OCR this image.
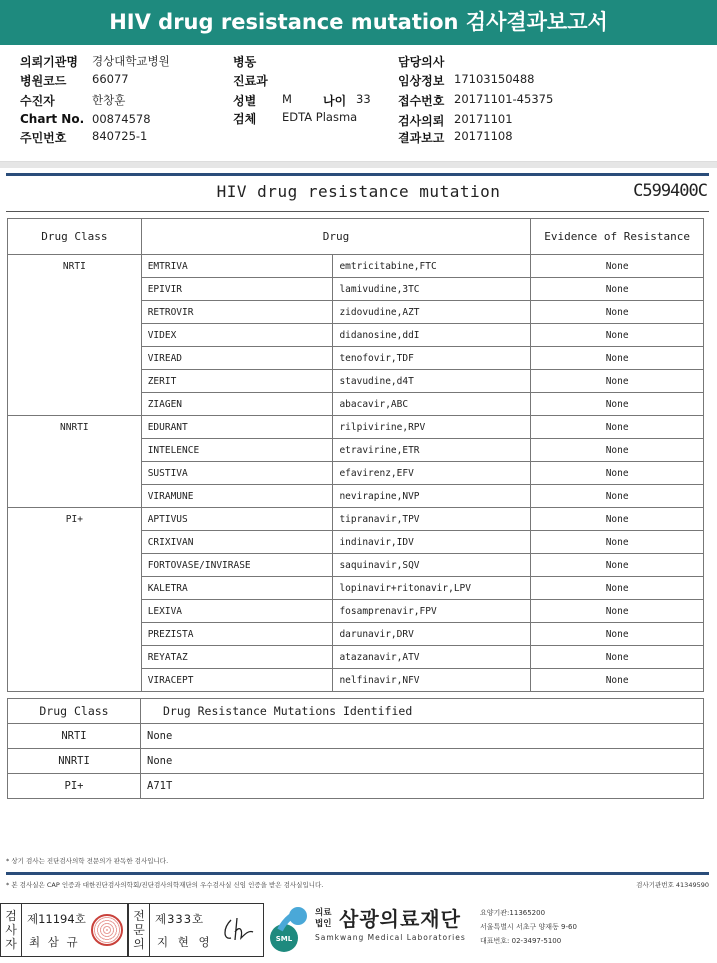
HIV drug resistance mutation 검사결과보고서
의뢰기관명 경상대학교병원
병원코드 66077
수진자	한창훈
Chart No. 00874578
주민번호 840725-1
병동
진료과
성별 M	나이 33
검체 EDTA Plasma
담당의사
임상정보 17103150488
접수번호 20171101-45375
검사의뢰 20171101
결과보고 20171108
HIV drug resistance mutation	C599400C
Drug Class	Drug		Evidence of Resistance
NRTI	EMTRIVA	emtricitabine,FTC	None
	EPIVIR	lamivudine,3TC	None
	RETROVIR	zidovudine,AZT	None
	VIDEX	didanosine,ddI	None
	VIREAD	tenofovir,TDF	None
	ZERIT	stavudine,d4T	None
	ZIAGEN	abacavir,ABC	None
NNRTI	EDURANT	rilpivirine,RPV	None
	INTELENCE	etravirine,ETR	None
	SUSTIVA	efavirenz,EFV	None
	VIRAMUNE	nevirapine,NVP	None
PI+	APTIVUS	tipranavir,TPV	None
	CRIXIVAN	indinavir,IDV	None
	FORTOVASE/INVIRASE	saquinavir,SQV	None
	KALETRA	lopinavir+ritonavir,LPV	None
	LEXIVA	fosamprenavir,FPV	None
	PREZISTA	darunavir,DRV	None
	REYATAZ	atazanavir,ATV	None
	VIRACEPT	nelfinavir,NFV	None
Drug Class	Drug Resistance Mutations Identified
NRTI	None
NNRTI	None
PI+	A71T
* 상기 검사는 진단검사의학 전문의가 판독한 검사입니다.
* 본 검사실은 CAP 인증과 대한진단검사의학회/진단검사의학재단의 우수검사실 신임 인증을 받은 검사실입니다.	검사기관번호 41349590
검
사
자
제11194호
최 삼 규
전
문
의
제333호
지 현 영	SML
의료
법인 삼광의료재단
Samkwang Medical Laboratories
요양기관:11365200
서울특별시 서초구 양재동 9-60
대표번호: 02-3497-5100
